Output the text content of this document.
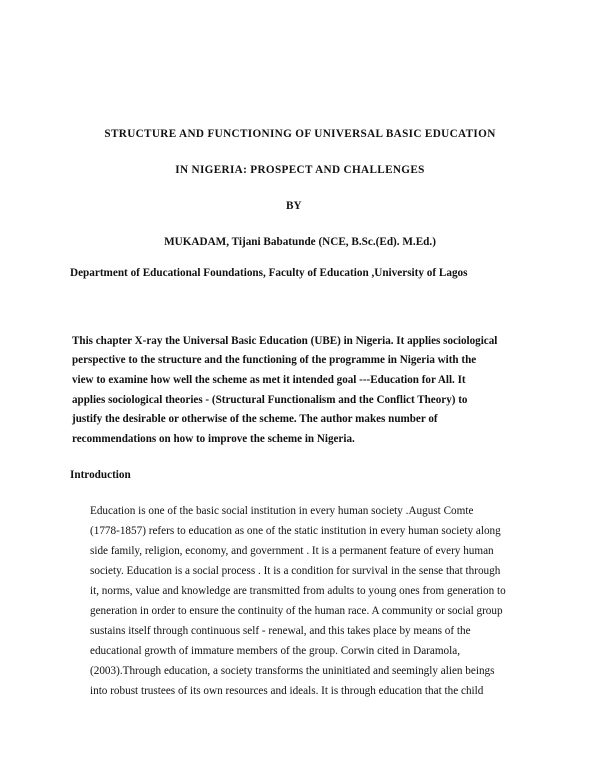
STRUCTURE AND FUNCTIONING OF UNIVERSAL BASIC EDUCATION
IN NIGERIA: PROSPECT AND CHALLENGES
BY
MUKADAM, Tijani Babatunde (NCE, B.Sc.(Ed). M.Ed.)
Department of Educational Foundations, Faculty of Education ,University of Lagos
This chapter X-ray the Universal Basic Education (UBE) in Nigeria. It applies sociological
perspective to the structure and the functioning of the programme in Nigeria with the
view to examine how well the scheme as met it intended goal ---Education for All. It
applies sociological theories - (Structural Functionalism and the Conflict Theory) to
justify the desirable or otherwise of the scheme. The author makes number of
recommendations on how to improve the scheme in Nigeria.
Introduction
Education is one of the basic social institution in every human society .August Comte
(1778-1857) refers to education as one of the static institution in every human society along
side family, religion, economy, and government . It is a permanent feature of every human
society. Education is a social process . It is a condition for survival in the sense that through
it, norms, value and knowledge are transmitted from adults to young ones from generation to
generation in order to ensure the continuity of the human race. A community or social group
sustains itself through continuous self - renewal, and this takes place by means of the
educational growth of immature members of the group. Corwin cited in Daramola,
(2003).Through education, a society transforms the uninitiated and seemingly alien beings
into robust trustees of its own resources and ideals. It is through education that the child
